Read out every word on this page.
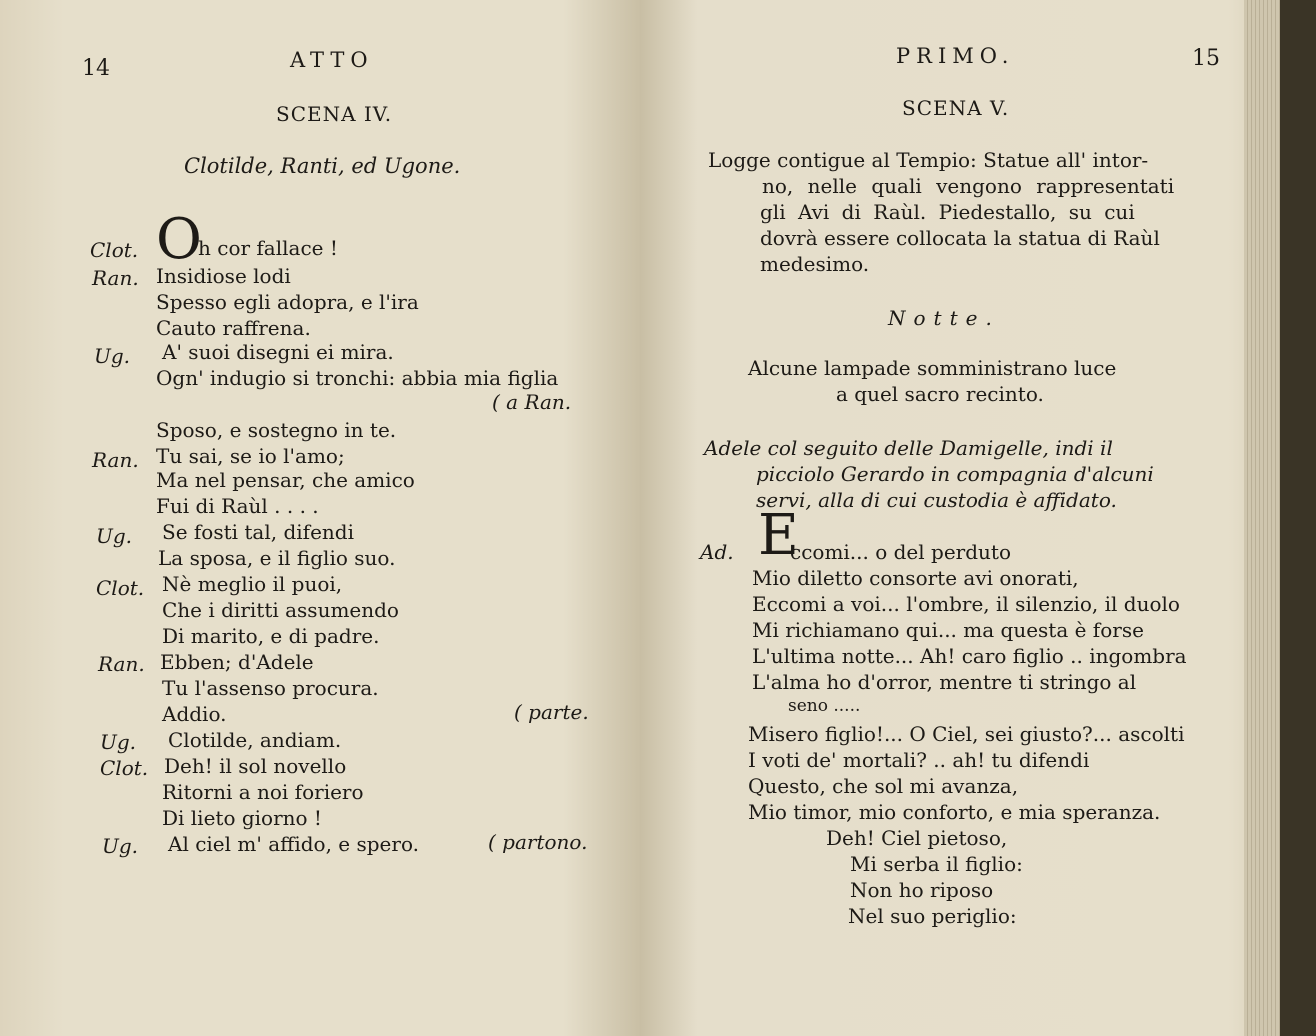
14	ATTO
SCENA IV.
Clotilde, Ranti, ed Ugone.
O
Clot.	h cor fallace !
Ran. Insidiose lodi
Spesso egli adopra, e l'ira
Cauto raffrena.
Ug. A' suoi disegni ei mira.
Ogn' indugio si tronchi: abbia mia figlia
( a Ran.
Sposo, e sostegno in te.
Ran. Tu sai, se io l'amo;
Ma nel pensar, che amico
Fui di Raùl . . . .
Ug. Se fosti tal, difendi
La sposa, e il figlio suo.
Clot. Nè meglio il puoi,
Che i diritti assumendo
Di marito, e di padre.
Ran. Ebben; d'Adele
Tu l'assenso procura.
Addio.	( parte.
Ug. Clotilde, andiam.
Clot. Deh! il sol novello
Ritorni a noi foriero
Di lieto giorno !
Ug. Al ciel m' affido, e spero.	( partono.
PRIMO.	15
SCENA V.
Logge contigue al Tempio: Statue all' intor-
no, nelle quali vengono rappresentati
gli Avi di Raùl. Piedestallo, su cui
dovrà essere collocata la statua di Raùl
medesimo.
Notte.
Alcune lampade somministrano luce
a quel sacro recinto.
Adele col seguito delle Damigelle, indi il
picciolo Gerardo in compagnia d'alcuni
servi, alla di cui custodia è affidato.
Ad. E
ccomi... o del perduto
Mio diletto consorte avi onorati,
Eccomi a voi... l'ombre, il silenzio, il duolo
Mi richiamano qui... ma questa è forse
L'ultima notte... Ah! caro figlio .. ingombra
L'alma ho d'orror, mentre ti stringo al
seno .....
Misero figlio!... O Ciel, sei giusto?... ascolti
I voti de' mortali? .. ah! tu difendi
Questo, che sol mi avanza,
Mio timor, mio conforto, e mia speranza.
Deh! Ciel pietoso,
Mi serba il figlio:
Non ho riposo
Nel suo periglio:
